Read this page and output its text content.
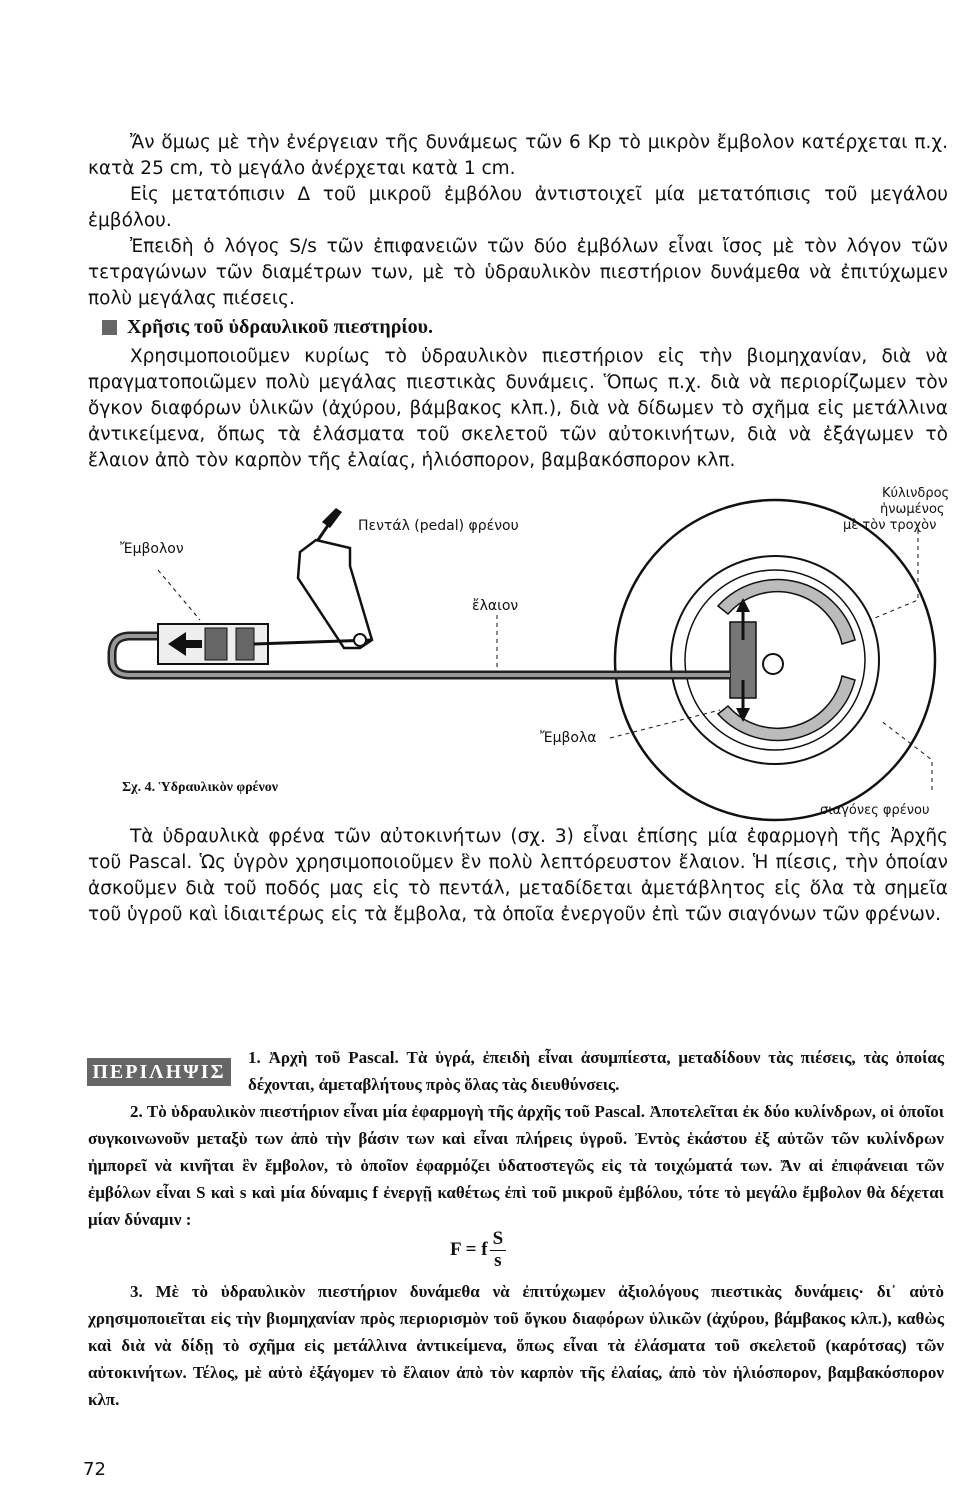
Ἄν ὅμως μὲ τὴν ἐνέργειαν τῆς δυνάμεως τῶν 6 Kp τὸ μικρὸν ἔμβολον κατέρχεται π.χ. κατὰ 25 cm, τὸ μεγάλο ἀνέρχεται κατὰ 1 cm.

Εἰς μετατόπισιν Δ τοῦ μικροῦ ἐμβόλου ἀντιστοιχεῖ μία μετατόπισις τοῦ μεγάλου ἐμβόλου.

Ἐπειδὴ ὁ λόγος S/s τῶν ἐπιφανειῶν τῶν δύο ἐμβόλων εἶναι ἴσος μὲ τὸν λόγον τῶν τετραγώνων τῶν διαμέτρων των, μὲ τὸ ὑδραυλικὸν πιεστήριον δυνάμεθα νὰ ἐπιτύχωμεν πολὺ μεγάλας πιέσεις.

Χρῆσις τοῦ ὑδραυλικοῦ πιεστηρίου.

Χρησιμοποιοῦμεν κυρίως τὸ ὑδραυλικὸν πιεστήριον εἰς τὴν βιομηχανίαν, διὰ νὰ πραγματοποιῶμεν πολὺ μεγάλας πιεστικὰς δυνάμεις. Ὅπως π.χ. διὰ νὰ περιορίζωμεν τὸν ὄγκον διαφόρων ὑλικῶν (ἀχύρου, βάμβακος κλπ.), διὰ νὰ δίδωμεν τὸ σχῆμα εἰς μετάλλινα ἀντικείμενα, ὅπως τὰ ἐλάσματα τοῦ σκελετοῦ τῶν αὐτοκινήτων, διὰ νὰ ἐξάγωμεν τὸ ἔλαιον ἀπὸ τὸν καρπὸν τῆς ἐλαίας, ἡλιόσπορον, βαμβακόσπορον κλπ.

Ἔμβολον
Πεντάλ (pedal) φρένου
ἔλαιον
Κύλινδρος
ἡνωμένος
μὲ τὸν τροχὸν
Ἔμβολα
σιαγόνες φρένου
Σχ. 4. Ὑδραυλικὸν φρένον

Τὰ ὑδραυλικὰ φρένα τῶν αὐτοκινήτων (σχ. 3) εἶναι ἐπίσης μία ἐφαρμογὴ τῆς Ἀρχῆς τοῦ Pascal. Ὡς ὑγρὸν χρησιμοποιοῦμεν ἓν πολὺ λεπτόρευστον ἔλαιον. Ἡ πίεσις, τὴν ὁποίαν ἀσκοῦμεν διὰ τοῦ ποδός μας εἰς τὸ πεντάλ, μεταδίδεται ἀμετάβλητος εἰς ὅλα τὰ σημεῖα τοῦ ὑγροῦ καὶ ἰδιαιτέρως εἰς τὰ ἔμβολα, τὰ ὁποῖα ἐνεργοῦν ἐπὶ τῶν σιαγόνων τῶν φρένων.

ΠΕΡΙΛΗΨΙΣ

1. Ἀρχὴ τοῦ Pascal. Τὰ ὑγρά, ἐπειδὴ εἶναι ἀσυμπίεστα, μεταδίδουν τὰς πιέσεις, τὰς ὁποίας δέχονται, ἀμεταβλήτους πρὸς ὅλας τὰς διευθύνσεις.

2. Τὸ ὑδραυλικὸν πιεστήριον εἶναι μία ἐφαρμογὴ τῆς ἀρχῆς τοῦ Pascal. Ἀποτελεῖται ἐκ δύο κυλίνδρων, οἱ ὁποῖοι συγκοινωνοῦν μεταξὺ των ἀπὸ τὴν βάσιν των καὶ εἶναι πλήρεις ὑγροῦ. Ἐντὸς ἑκάστου ἐξ αὐτῶν τῶν κυλίνδρων ἠμπορεῖ νὰ κινῆται ἓν ἔμβολον, τὸ ὁποῖον ἐφαρμόζει ὑδατοστεγῶς εἰς τὰ τοιχώματά των. Ἄν αἱ ἐπιφάνειαι τῶν ἐμβόλων εἶναι S καὶ s καὶ μία δύναμις f ἐνεργῇ καθέτως ἐπὶ τοῦ μικροῦ ἐμβόλου, τότε τὸ μεγάλο ἔμβολον θὰ δέχεται μίαν δύναμιν :

F = f $\frac{S}{s}$

3. Μὲ τὸ ὑδραυλικὸν πιεστήριον δυνάμεθα νὰ ἐπιτύχωμεν ἀξιολόγους πιεστικὰς δυνάμεις· δι᾽ αὐτὸ χρησιμοποιεῖται εἰς τὴν βιομηχανίαν πρὸς περιορισμὸν τοῦ ὄγκου διαφόρων ὑλικῶν (ἀχύρου, βάμβακος κλπ.), καθὼς καὶ διὰ νὰ δίδῃ τὸ σχῆμα εἰς μετάλλινα ἀντικείμενα, ὅπως εἶναι τὰ ἐλάσματα τοῦ σκελετοῦ (καρότσας) τῶν αὐτοκινήτων. Τέλος, μὲ αὐτὸ ἐξάγομεν τὸ ἔλαιον ἀπὸ τὸν καρπὸν τῆς ἐλαίας, ἀπὸ τὸν ἡλιόσπορον, βαμβακόσπορον κλπ.

72
